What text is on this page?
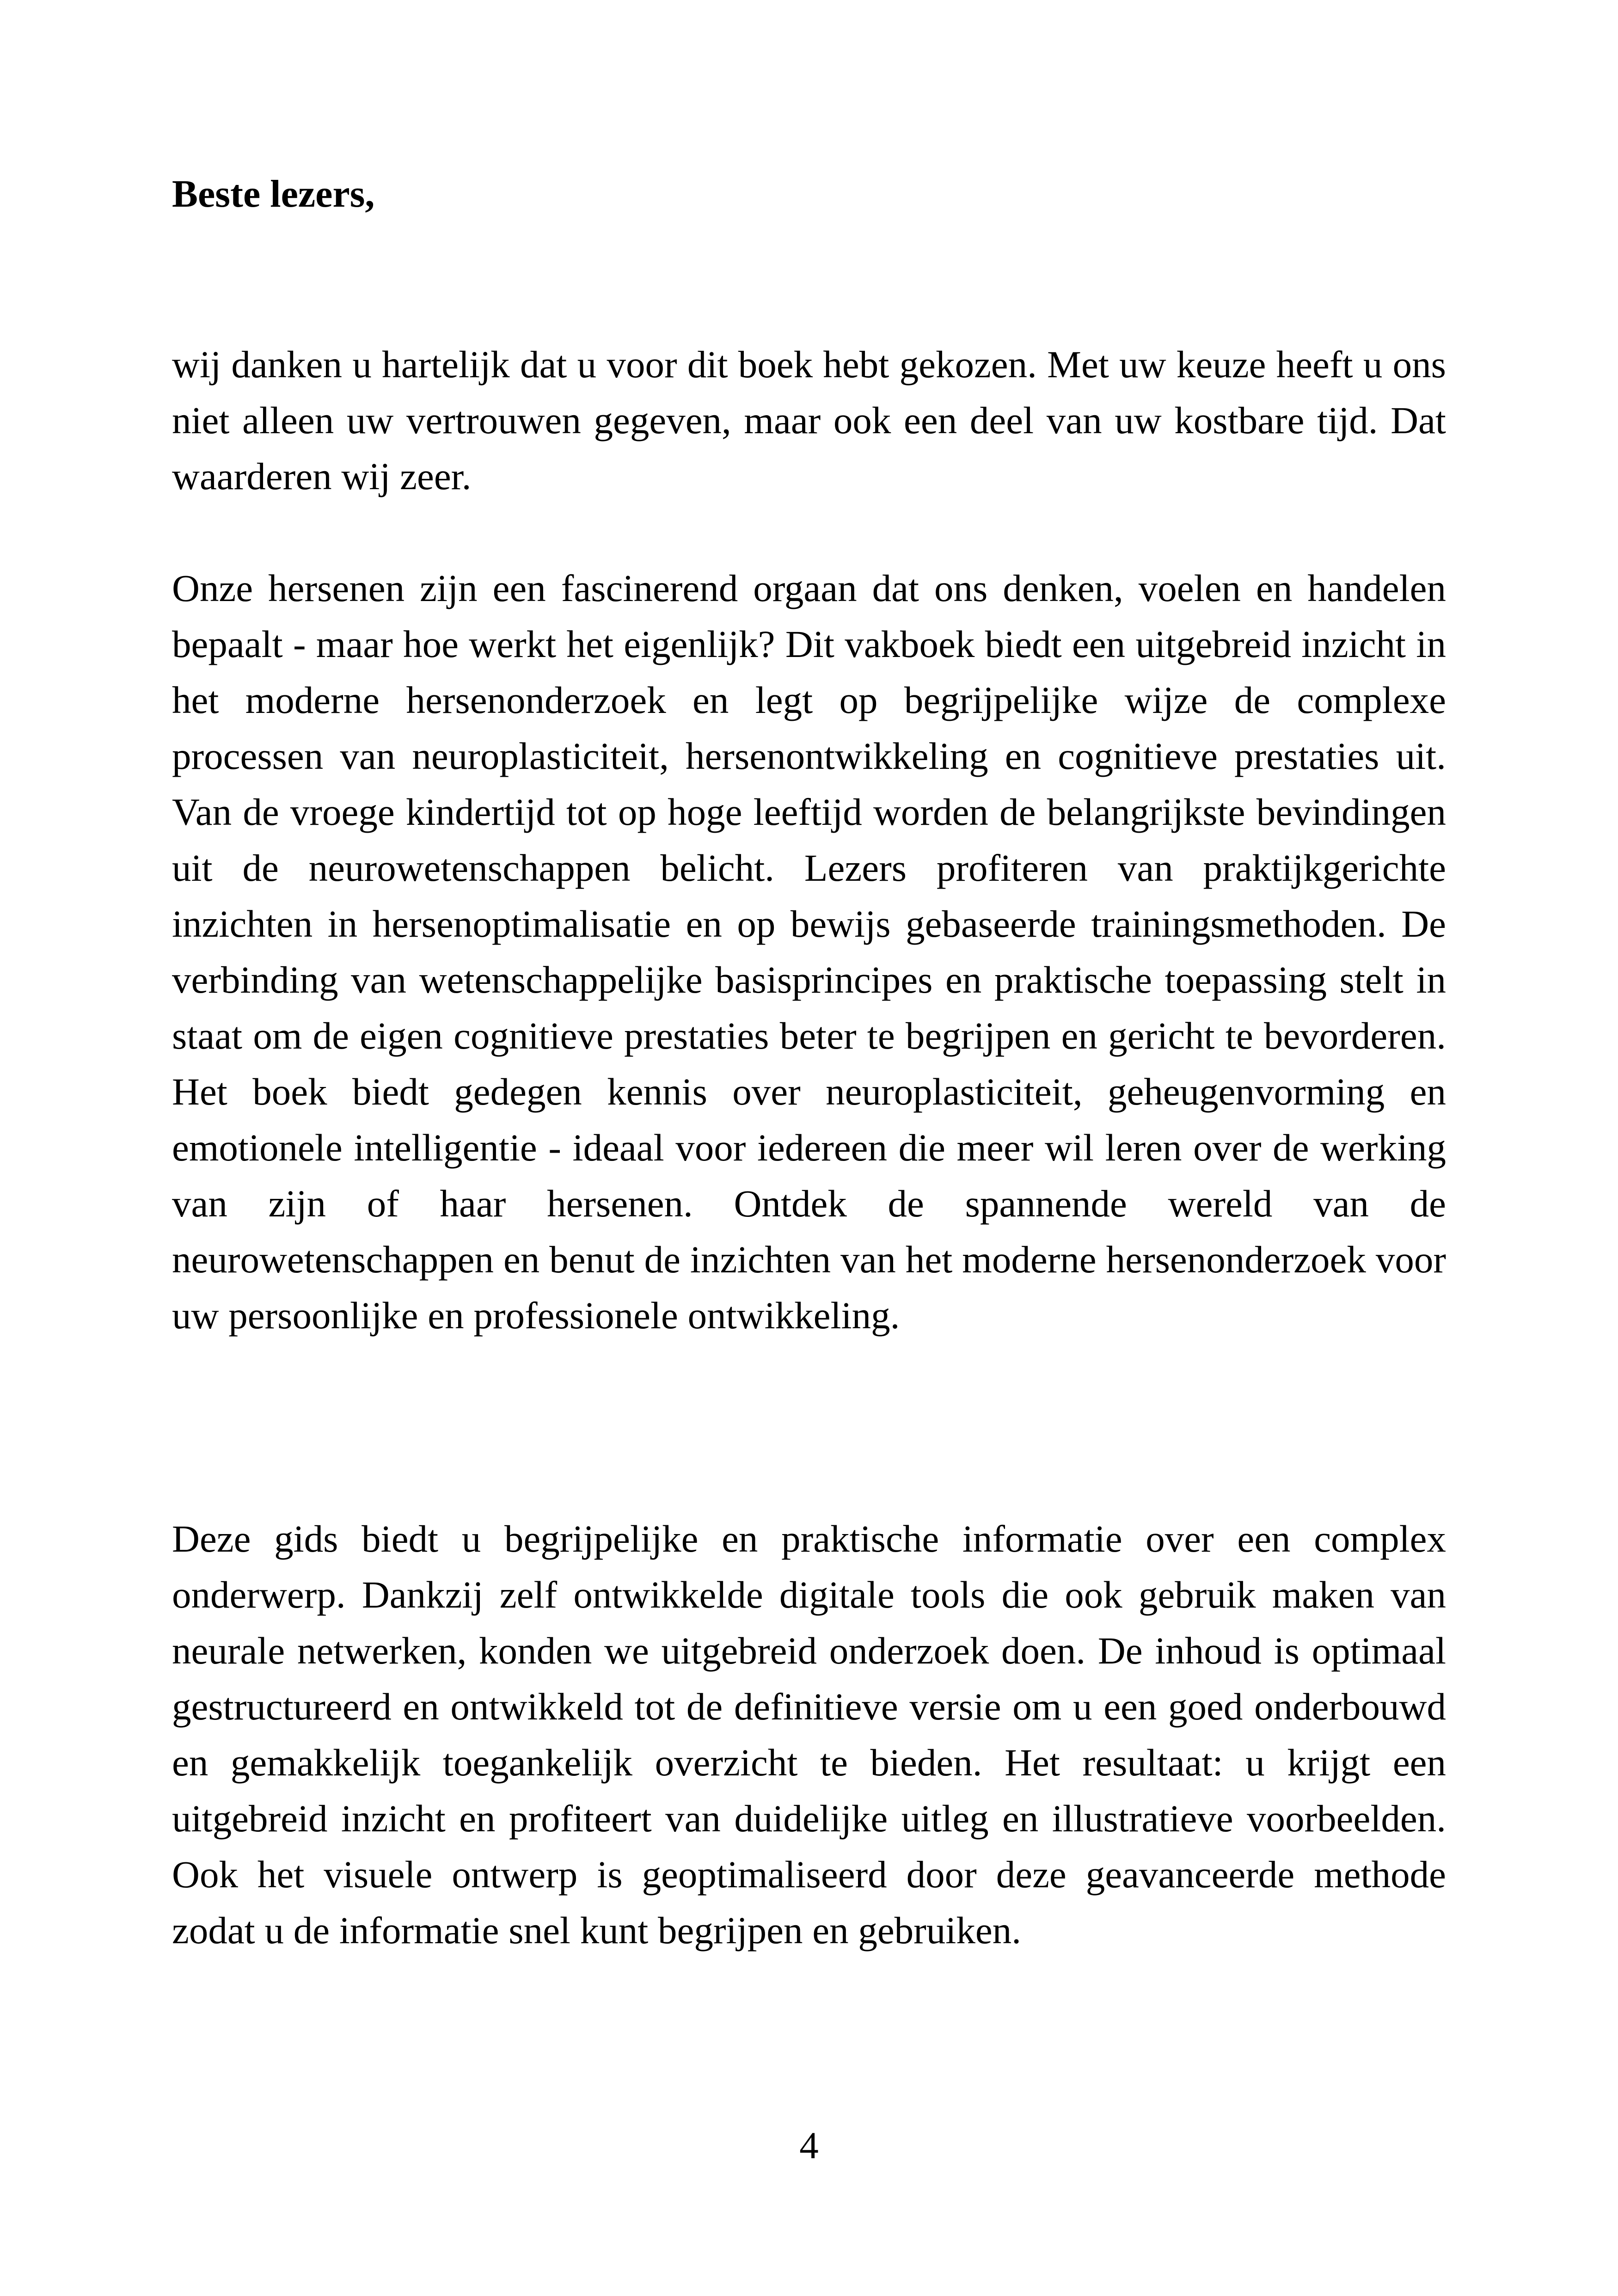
Beste lezers,

wij danken u hartelijk dat u voor dit boek hebt gekozen. Met uw keuze heeft u ons niet alleen uw vertrouwen gegeven, maar ook een deel van uw kostbare tijd. Dat waarderen wij zeer.

Onze hersenen zijn een fascinerend orgaan dat ons denken, voelen en handelen bepaalt - maar hoe werkt het eigenlijk? Dit vakboek biedt een uitgebreid inzicht in het moderne hersenonderzoek en legt op begrijpelijke wijze de complexe processen van neuroplasticiteit, hersenontwikkeling en cognitieve prestaties uit. Van de vroege kindertijd tot op hoge leeftijd worden de belangrijkste bevindingen uit de neurowetenschappen belicht. Lezers profiteren van praktijkgerichte inzichten in hersenoptimalisatie en op bewijs gebaseerde trainingsmethoden. De verbinding van wetenschappelijke basisprincipes en praktische toepassing stelt in staat om de eigen cognitieve prestaties beter te begrijpen en gericht te bevorderen. Het boek biedt gedegen kennis over neuroplasticiteit, geheugenvorming en emotionele intelligentie - ideaal voor iedereen die meer wil leren over de werking van zijn of haar hersenen. Ontdek de spannende wereld van de neurowetenschappen en benut de inzichten van het moderne hersenonderzoek voor uw persoonlijke en professionele ontwikkeling.

Deze gids biedt u begrijpelijke en praktische informatie over een complex onderwerp. Dankzij zelf ontwikkelde digitale tools die ook gebruik maken van neurale netwerken, konden we uitgebreid onderzoek doen. De inhoud is optimaal gestructureerd en ontwikkeld tot de definitieve versie om u een goed onderbouwd en gemakkelijk toegankelijk overzicht te bieden. Het resultaat: u krijgt een uitgebreid inzicht en profiteert van duidelijke uitleg en illustratieve voorbeelden. Ook het visuele ontwerp is geoptimaliseerd door deze geavanceerde methode zodat u de informatie snel kunt begrijpen en gebruiken.

4
